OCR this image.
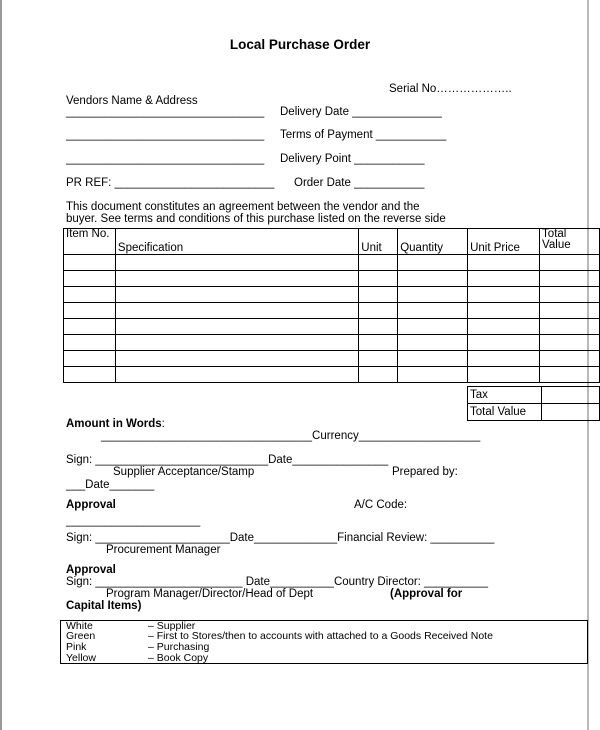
Local Purchase Order
Serial No………………..
Vendors Name & Address
_______________________________ Delivery Date ______________
_______________________________ Terms of Payment ___________
_______________________________ Delivery Point ___________
PR REF: _________________________ Order Date ___________
This document constitutes an agreement between the vendor and the
buyer. See terms and conditions of this purchase listed on the reverse side
Item No.	Specification	Unit	Quantity	Unit Price	Total Value

Tax	
Total Value	
Amount in Words:
_________________________________Currency___________________
Sign: ___________________________Date_______________
Supplier Acceptance/Stamp	Prepared by:
___Date_______
Approval	A/C Code:
_____________________
Sign: _____________________Date_____________Financial Review: __________
Procurement Manager
Approval
Sign: _______________________ Date__________Country Director: __________
Program Manager/Director/Head of Dept	(Approval for
Capital Items)
White	– Supplier
Green	– First to Stores/then to accounts with attached to a Goods Received Note
Pink	– Purchasing
Yellow	– Book Copy
